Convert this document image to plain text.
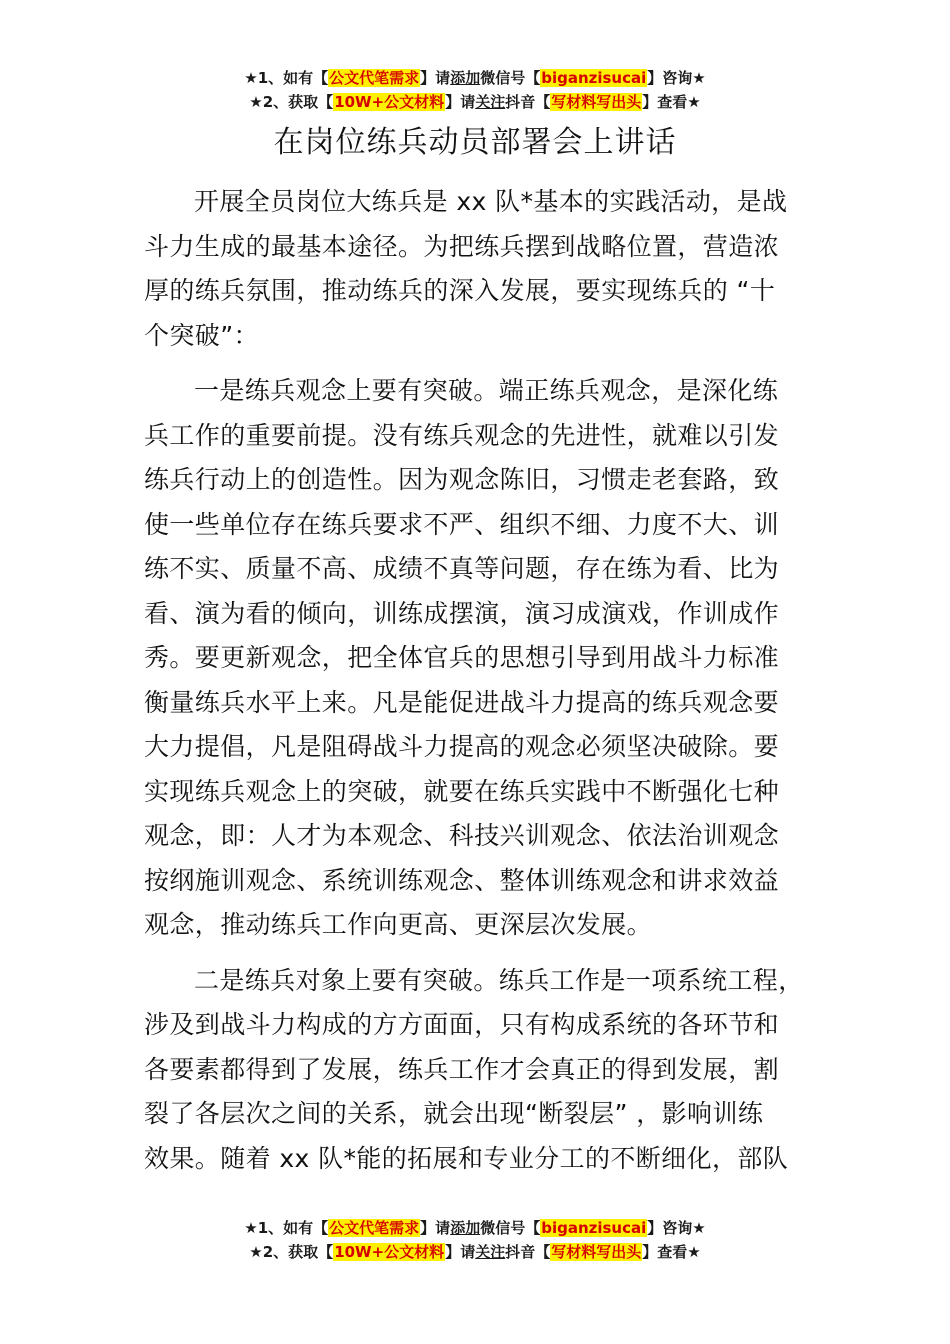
★1、如有【公文代笔需求】请添加微信号【biganzisucai】咨询★
★2、获取【10W+公文材料】请关注抖音【写材料写出头】查看★
在岗位练兵动员部署会上讲话
开展全员岗位大练兵是 xx 队*基本的实践活动，是战
斗力生成的最基本途径。为把练兵摆到战略位置，营造浓
厚的练兵氛围，推动练兵的深入发展，要实现练兵的 “十
个突破”：
一是练兵观念上要有突破。端正练兵观念，是深化练
兵工作的重要前提。没有练兵观念的先进性，就难以引发
练兵行动上的创造性。因为观念陈旧，习惯走老套路，致
使一些单位存在练兵要求不严、组织不细、力度不大、训
练不实、质量不高、成绩不真等问题，存在练为看、比为
看、演为看的倾向，训练成摆演，演习成演戏，作训成作
秀。要更新观念，把全体官兵的思想引导到用战斗力标准
衡量练兵水平上来。凡是能促进战斗力提高的练兵观念要
大力提倡，凡是阻碍战斗力提高的观念必须坚决破除。要
实现练兵观念上的突破，就要在练兵实践中不断强化七种
观念，即：人才为本观念、科技兴训观念、依法治训观念
按纲施训观念、系统训练观念、整体训练观念和讲求效益
观念，推动练兵工作向更高、更深层次发展。
二是练兵对象上要有突破。练兵工作是一项系统工程，
涉及到战斗力构成的方方面面，只有构成系统的各环节和
各要素都得到了发展，练兵工作才会真正的得到发展，割
裂了各层次之间的关系，就会出现“断裂层” ，影响训练
效果。随着 xx 队*能的拓展和专业分工的不断细化，部队
★1、如有【公文代笔需求】请添加微信号【biganzisucai】咨询★
★2、获取【10W+公文材料】请关注抖音【写材料写出头】查看★
